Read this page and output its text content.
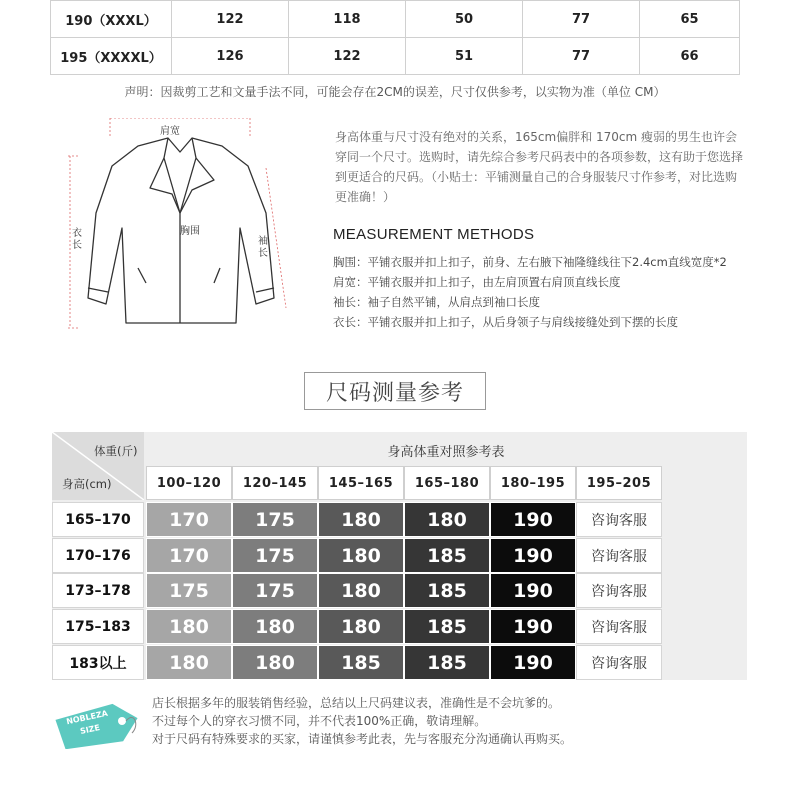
190（XXXL）	122	118	50	77	65
195（XXXXL）	126	122	51	77	66
声明：因裁剪工艺和文量手法不同，可能会存在2CM的误差，尺寸仅供参考，以实物为准（单位 CM）
肩宽
胸围
衣长	袖长
身高体重与尺寸没有绝对的关系，165cm偏胖和 170cm 瘦弱的男生也许会穿同一个尺寸。选购时，请先综合参考尺码表中的各项参数，这有助于您选择到更适合的尺码。（小贴士：平铺测量自己的合身服装尺寸作参考，对比选购更准确！）
MEASUREMENT METHODS
胸围：平铺衣服并扣上扣子，前身、左右腋下袖隆缝线往下2.4cm直线宽度*2
肩宽：平铺衣服并扣上扣子，由左肩顶置右肩顶直线长度
袖长：袖子自然平铺，从肩点到袖口长度
衣长：平铺衣服并扣上扣子，从后身领子与肩线接缝处到下摆的长度
尺码测量参考
体重(斤)
身高(cm)
身高体重对照参考表
100–120	120–145	145–165	165–180	180–195	195–205
165–170	170	175	180	180	190	咨询客服
170–176	170	175	180	185	190	咨询客服
173–178	175	175	180	185	190	咨询客服
175–183	180	180	180	185	190	咨询客服
183以上	180	180	185	185	190	咨询客服
NOBLEZA
SIZE
店长根据多年的服装销售经验，总结以上尺码建议表，准确性是不会坑爹的。
不过每个人的穿衣习惯不同，并不代表100%正确，敬请理解。
对于尺码有特殊要求的买家，请谨慎参考此表，先与客服充分沟通确认再购买。
